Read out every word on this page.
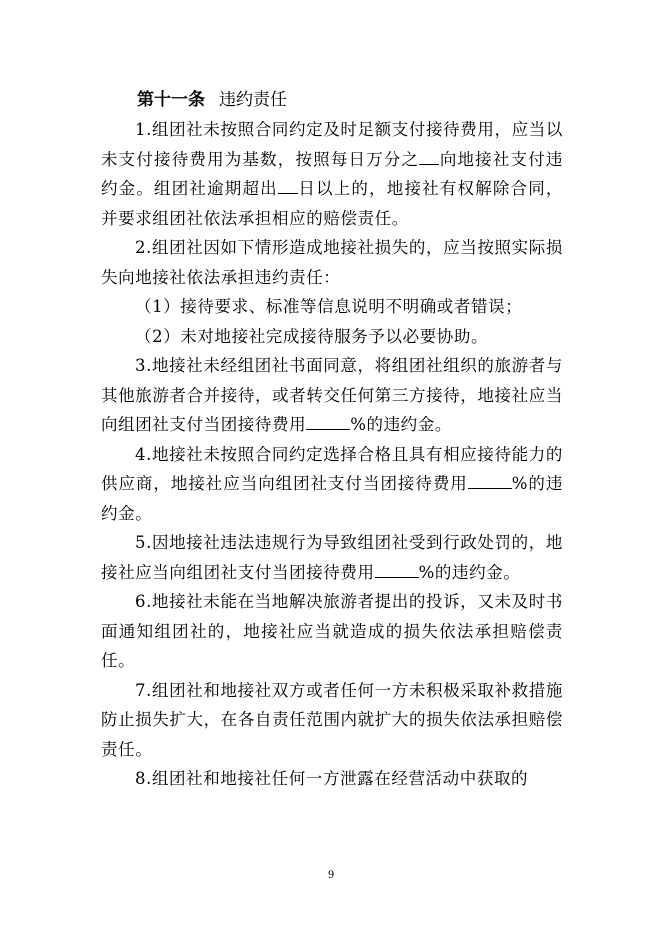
第十一条 违约责任

1.组团社未按照合同约定及时足额支付接待费用，应当以未支付接待费用为基数，按照每日万分之 向地接社支付违约金。组团社逾期超出 日以上的，地接社有权解除合同，并要求组团社依法承担相应的赔偿责任。

2.组团社因如下情形造成地接社损失的，应当按照实际损失向地接社依法承担违约责任：

（1）接待要求、标准等信息说明不明确或者错误；

（2）未对地接社完成接待服务予以必要协助。

3.地接社未经组团社书面同意，将组团社组织的旅游者与其他旅游者合并接待，或者转交任何第三方接待，地接社应当向组团社支付当团接待费用	%的违约金。

4.地接社未按照合同约定选择合格且具有相应接待能力的供应商，地接社应当向组团社支付当团接待费用	%的违约金。

5.因地接社违法违规行为导致组团社受到行政处罚的，地接社应当向组团社支付当团接待费用	%的违约金。

6.地接社未能在当地解决旅游者提出的投诉，又未及时书面通知组团社的，地接社应当就造成的损失依法承担赔偿责任。

7.组团社和地接社双方或者任何一方未积极采取补救措施防止损失扩大，在各自责任范围内就扩大的损失依法承担赔偿责任。

8.组团社和地接社任何一方泄露在经营活动中获取的

9
